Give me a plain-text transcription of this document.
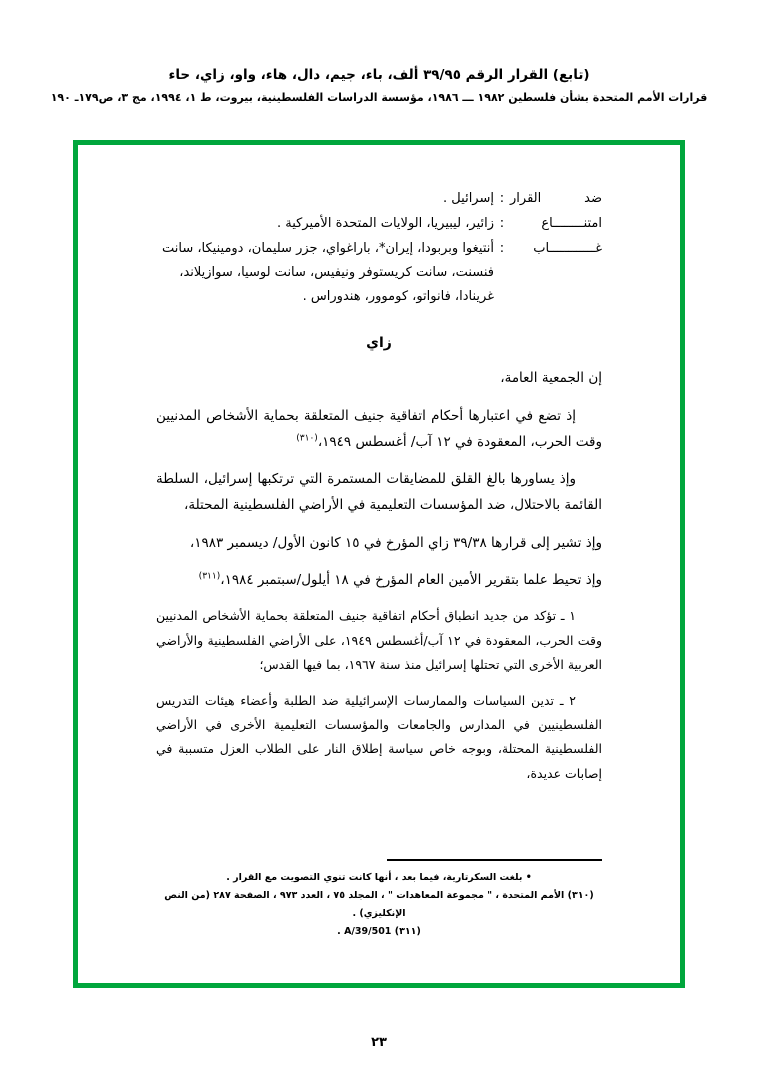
(تابع) القرار الرقم ٣٩/٩٥ ألف، باء، جيم، دال، هاء، واو، زاي، حاء
قرارات الأمم المتحدة بشأن فلسطين ١٩٨٢ ـــ ١٩٨٦، مؤسسة الدراسات الفلسطينية، بيروت، ط ١، ١٩٩٤، مج ٣، ص١٧٩ـ ١٩٠
ضد القرار
:
إسرائيل .
امتنــــــــاع
:
زائير، ليبيريا، الولايات المتحدة الأميركية .
غــــــــــــاب
:
أنتيغوا وبربودا، إيران*، باراغواي، جزر سليمان، دومينيكا، سانت فنسنت، سانت كريستوفر ونيفيس، سانت لوسيا، سوازيلاند، غرينادا، فانواتو، كوموور، هندوراس .
زاي
إن الجمعية العامة،
إذ تضع في اعتبارها أحكام اتفاقية جنيف المتعلقة بحماية الأشخاص المدنيين وقت الحرب، المعقودة في ١٢ آب/ أغسطس ١٩٤٩،$^{(٣١٠)}$
وإذ يساورها بالغ القلق للمضايقات المستمرة التي ترتكبها إسرائيل، السلطة القائمة بالاحتلال، ضد المؤسسات التعليمية في الأراضي الفلسطينية المحتلة،
وإذ تشير إلى قرارها ٣٩/٣٨ زاي المؤرخ في ١٥ كانون الأول/ ديسمبر ١٩٨٣،
وإذ تحيط علما بتقرير الأمين العام المؤرخ في ١٨ أيلول/سبتمبر ١٩٨٤،$^{(٣١١)}$
١ ـ تؤكد من جديد انطباق أحكام اتفاقية جنيف المتعلقة بحماية الأشخاص المدنيين وقت الحرب، المعقودة في ١٢ آب/أغسطس ١٩٤٩، على الأراضي الفلسطينية والأراضي العربية الأخرى التي تحتلها إسرائيل منذ سنة ١٩٦٧، بما فيها القدس؛
٢ ـ تدين السياسات والممارسات الإسرائيلية ضد الطلبة وأعضاء هيئات التدريس الفلسطينيين في المدارس والجامعات والمؤسسات التعليمية الأخرى في الأراضي الفلسطينية المحتلة، وبوجه خاص سياسة إطلاق النار على الطلاب العزل متسببة في إصابات عديدة،
• بلغت السكرتارية، فيما بعد ، أنها كانت تنوي التصويت مع القرار .
(٣١٠) الأمم المتحدة ، " مجموعة المعاهدات " ، المجلد ٧٥ ، العدد ٩٧٣ ، الصفحة ٢٨٧ (من النص الإنكليزي) .
(٣١١) A/39/501 .
٢٣
